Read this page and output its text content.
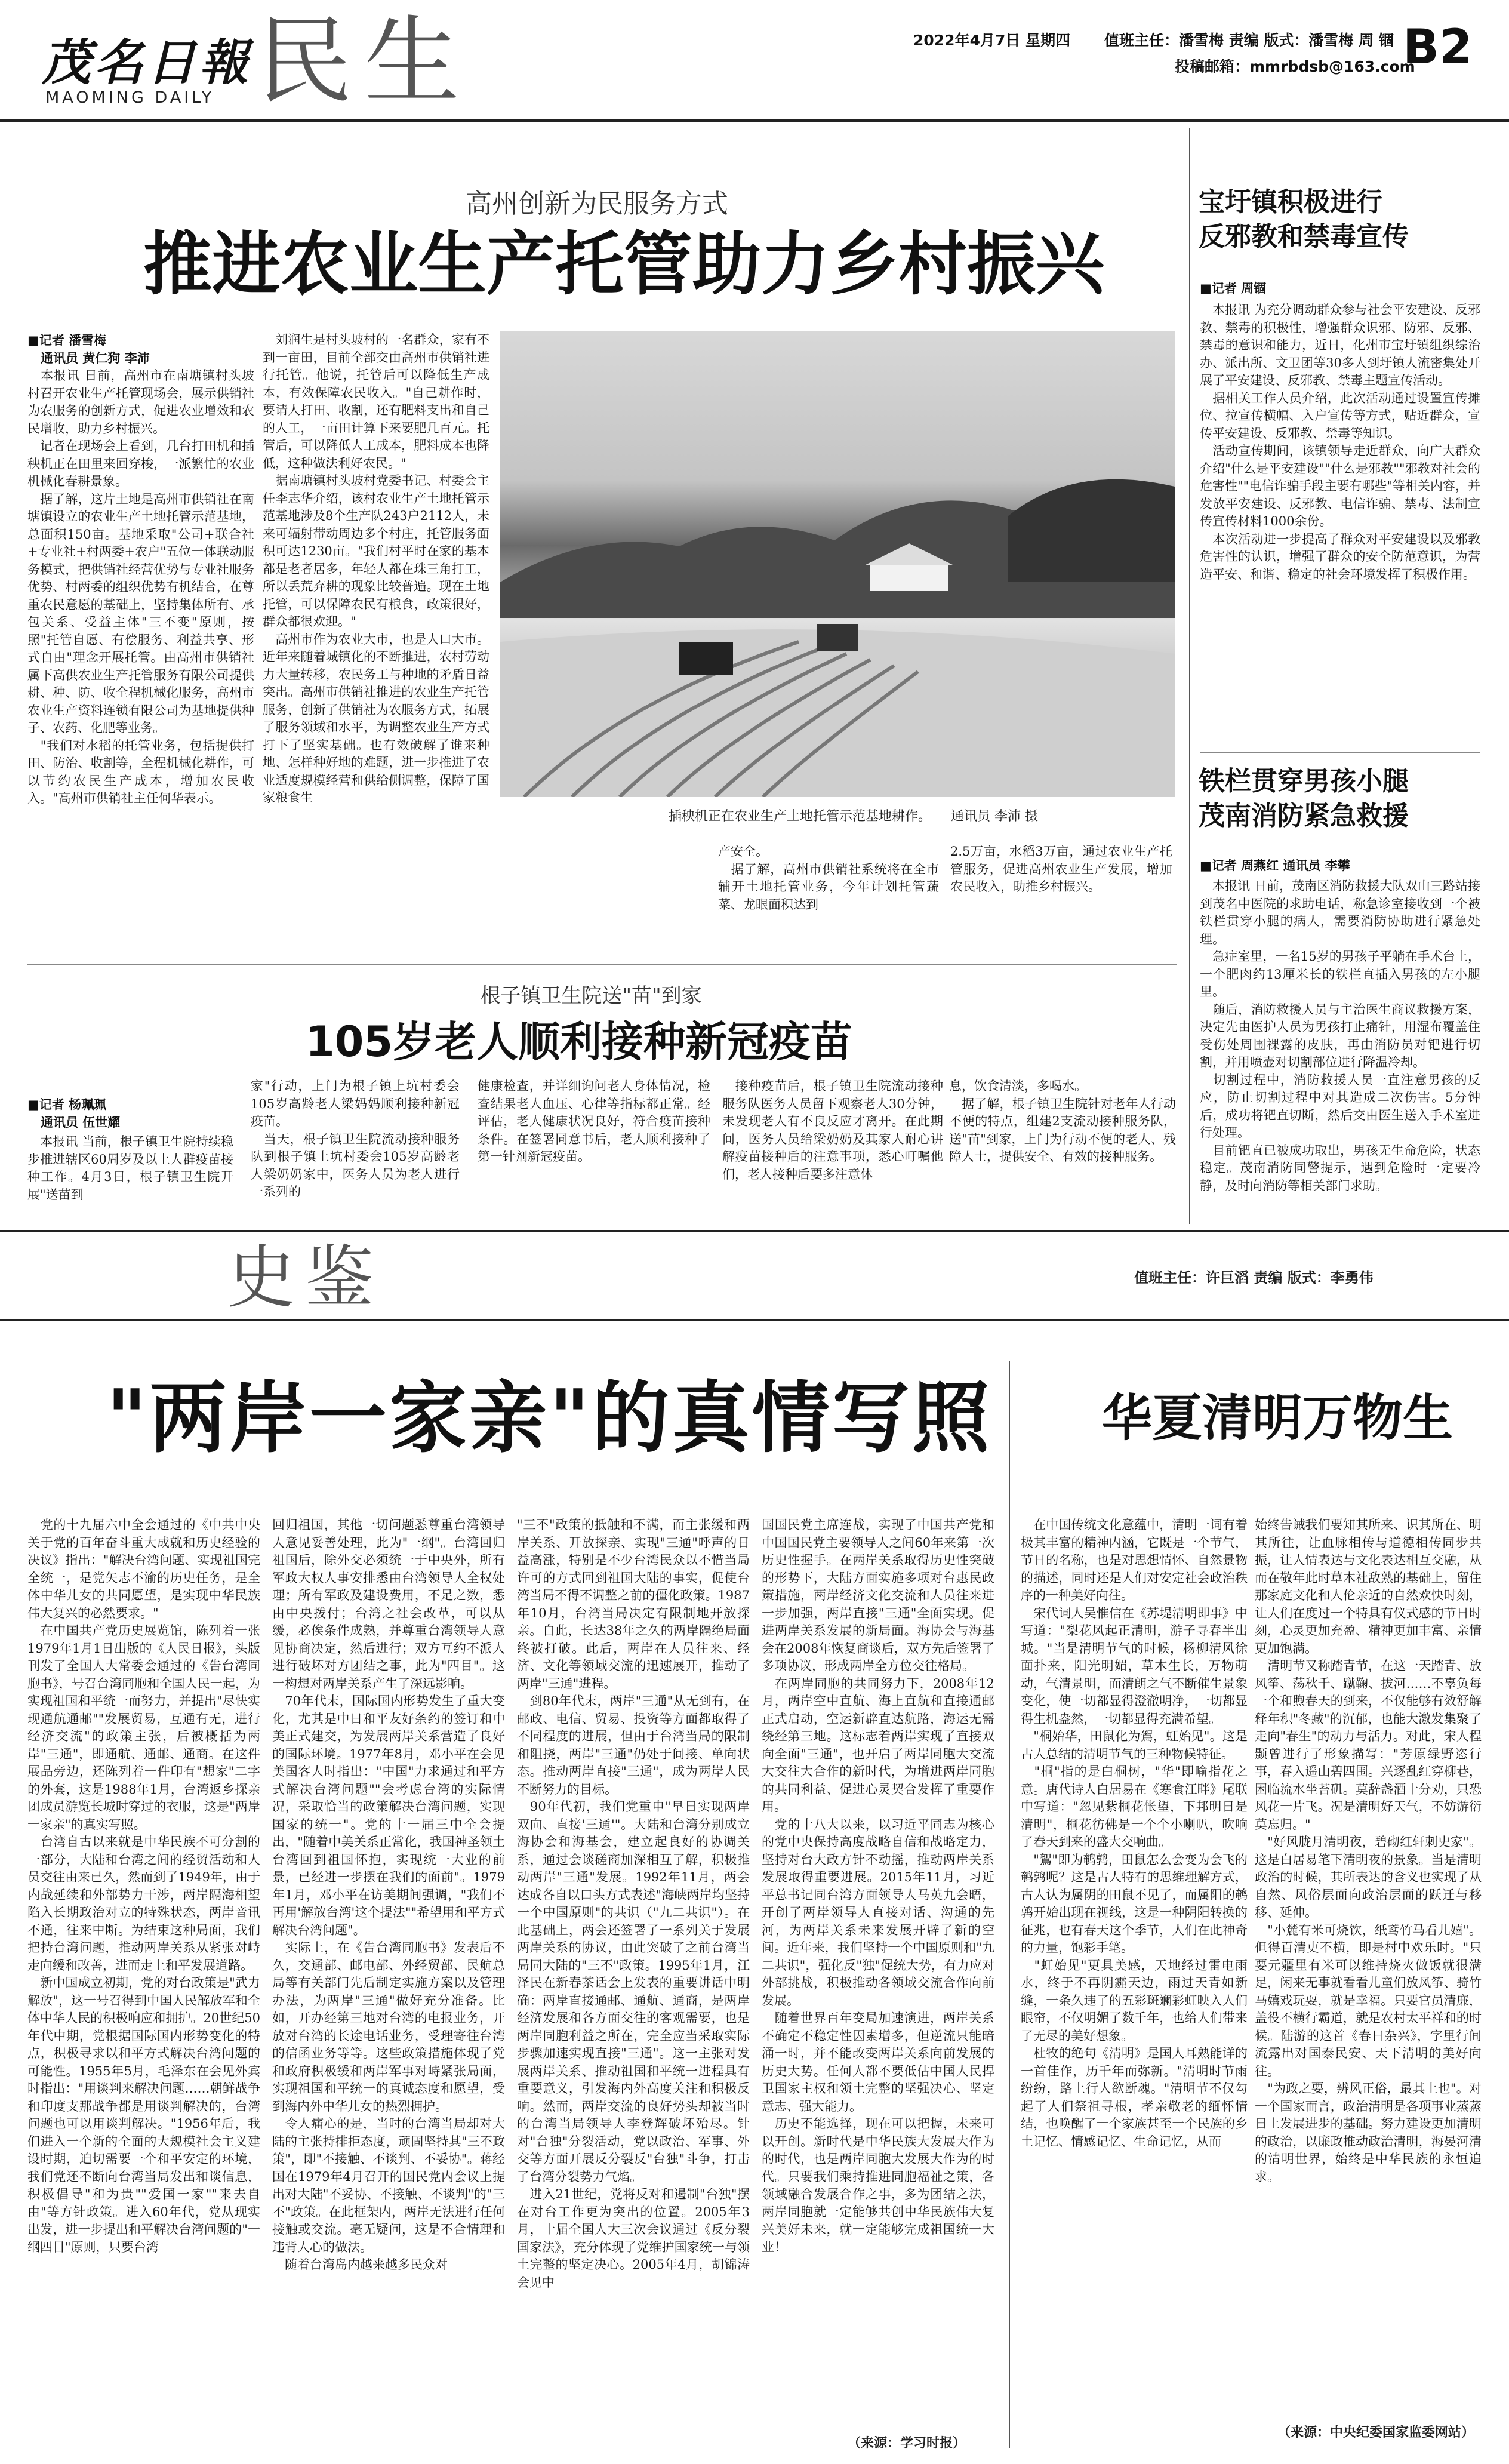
茂名日報
MAOMING DAILY 民生	2022年4月7日 星期四 值班主任：潘雪梅 责编 版式：潘雪梅 周 锢
投稿邮箱：mmrbdsb@163.com
B2
高州创新为民服务方式
推进农业生产托管助力乡村振兴
■记者 潘雪梅
通讯员 黄仁狗 李沛
　本报讯 日前，高州市在南塘镇村头坡村召开农业生产托管现场会，展示供销社为农服务的创新方式，促进农业增效和农民增收，助力乡村振兴。
　记者在现场会上看到，几台打田机和插秧机正在田里来回穿梭，一派繁忙的农业机械化春耕景象。
　据了解，这片土地是高州市供销社在南塘镇设立的农业生产土地托管示范基地，总面积150亩。基地采取"公司+联合社+专业社+村两委+农户"五位一体联动服务模式，把供销社经营优势与专业社服务优势、村两委的组织优势有机结合，在尊重农民意愿的基础上，坚持集体所有、承包关系、受益主体"三不变"原则，按照"托管自愿、有偿服务、利益共享、形式自由"理念开展托管。由高州市供销社属下高供农业生产托管服务有限公司提供耕、种、防、收全程机械化服务，高州市农业生产资料连锁有限公司为基地提供种子、农药、化肥等业务。
　"我们对水稻的托管业务，包括提供打田、防治、收割等，全程机械化耕作，可以节约农民生产成本，增加农民收入。"高州市供销社主任何华表示。
　刘润生是村头坡村的一名群众，家有不到一亩田，目前全部交由高州市供销社进行托管。他说，托管后可以降低生产成本，有效保障农民收入。"自己耕作时，要请人打田、收割，还有肥料支出和自己的人工，一亩田计算下来要肥几百元。托管后，可以降低人工成本，肥料成本也降低，这种做法利好农民。"
　据南塘镇村头坡村党委书记、村委会主任李志华介绍，该村农业生产土地托管示范基地涉及8个生产队243户2112人，未来可辐射带动周边多个村庄，托管服务面积可达1230亩。"我们村平时在家的基本都是老者居多，年轻人都在珠三角打工，所以丢荒弃耕的现象比较普遍。现在土地托管，可以保障农民有粮食，政策很好，群众都很欢迎。"
　高州市作为农业大市，也是人口大市。近年来随着城镇化的不断推进，农村劳动力大量转移，农民务工与种地的矛盾日益突出。高州市供销社推进的农业生产托管服务，创新了供销社为农服务方式，拓展了服务领域和水平，为调整农业生产方式打下了坚实基础。也有效破解了谁来种地、怎样种好地的难题，进一步推进了农业适度规模经营和供给侧调整，保障了国家粮食生
插秧机正在农业生产土地托管示范基地耕作。　　通讯员 李沛 摄
产安全。
　据了解，高州市供销社系统将在全市辅开土地托管业务，今年计划托管蔬菜、龙眼面积达到
2.5万亩，水稻3万亩，通过农业生产托管服务，促进高州农业生产发展，增加农民收入，助推乡村振兴。
根子镇卫生院送"苗"到家
105岁老人顺利接种新冠疫苗
■记者 杨珮珮
通讯员 伍世耀
　本报讯 当前，根子镇卫生院持续稳步推进辖区60周岁及以上人群疫苗接种工作。4月3日，根子镇卫生院开展"送苗到
家"行动，上门为根子镇上坑村委会105岁高龄老人梁妈妈顺利接种新冠疫苗。
　当天，根子镇卫生院流动接种服务队到根子镇上坑村委会105岁高龄老人梁奶奶家中，医务人员为老人进行一系列的
健康检查，并详细询问老人身体情况，检查结果老人血压、心律等指标都正常。经评估，老人健康状况良好，符合疫苗接种条件。在签署同意书后，老人顺利接种了第一针剂新冠疫苗。
　接种疫苗后，根子镇卫生院流动接种服务队医务人员留下观察老人30分钟，未发现老人有不良反应才离开。在此期间，医务人员给梁奶奶及其家人耐心讲解疫苗接种后的注意事项，悉心叮嘱他们，老人接种后要多注意休
息，饮食清淡，多喝水。
　据了解，根子镇卫生院针对老年人行动不便的特点，组建2支流动接种服务队，送"苗"到家，上门为行动不便的老人、残障人士，提供安全、有效的接种服务。
宝圩镇积极进行
反邪教和禁毒宣传
■记者 周锢
　本报讯 为充分调动群众参与社会平安建设、反邪教、禁毒的积极性，增强群众识邪、防邪、反邪、禁毒的意识和能力，近日，化州市宝圩镇组织综治办、派出所、文卫团等30多人到圩镇人流密集处开展了平安建设、反邪教、禁毒主题宣传活动。
　据相关工作人员介绍，此次活动通过设置宣传摊位、拉宣传横幅、入户宣传等方式，贴近群众，宣传平安建设、反邪教、禁毒等知识。
　活动宣传期间，该镇领导走近群众，向广大群众介绍"什么是平安建设""什么是邪教""邪教对社会的危害性""电信诈骗手段主要有哪些"等相关内容，并发放平安建设、反邪教、电信诈骗、禁毒、法制宣传宣传材料1000余份。
　本次活动进一步提高了群众对平安建设以及邪教危害性的认识，增强了群众的安全防范意识，为营造平安、和谐、稳定的社会环境发挥了积极作用。
铁栏贯穿男孩小腿
茂南消防紧急救援
■记者 周燕红 通讯员 李攀
　本报讯 日前，茂南区消防救援大队双山三路站接到茂名中医院的求助电话，称急诊室接收到一个被铁栏贯穿小腿的病人，需要消防协助进行紧急处理。
　急症室里，一名15岁的男孩子平躺在手术台上，一个肥肉约13厘米长的铁栏直插入男孩的左小腿里。
　随后，消防救援人员与主治医生商议救援方案，决定先由医护人员为男孩打止痛针，用湿布覆盖住受伤处周围裸露的皮肤，再由消防员对钯进行切割，并用喷壶对切割部位进行降温冷却。
　切割过程中，消防救援人员一直注意男孩的反应，防止切割过程中对其造成二次伤害。5分钟后，成功将钯直切断，然后交由医生送入手术室进行处理。
　目前钯直已被成功取出，男孩无生命危险，状态稳定。茂南消防同警提示，遇到危险时一定要冷静，及时向消防等相关部门求助。
史鉴	值班主任：许巨滔 责编 版式：李勇伟
"两岸一家亲"的真情写照	华夏清明万物生
　党的十九届六中全会通过的《中共中央关于党的百年奋斗重大成就和历史经验的决议》指出："解决台湾问题、实现祖国完全统一，是党矢志不渝的历史任务，是全体中华儿女的共同愿望，是实现中华民族伟大复兴的必然要求。"
　在中国共产党历史展览馆，陈列着一张1979年1月1日出版的《人民日报》，头版刊发了全国人大常委会通过的《告台湾同胞书》，号召台湾同胞和全国人民一起，为实现祖国和平统一而努力，并提出"尽快实现通航通邮""发展贸易，互通有无，进行经济交流"的政策主张，后被概括为两岸"三通"，即通航、通邮、通商。在这件展品旁边，还陈列着一件印有"想家"二字的外套，这是1988年1月，台湾返乡探亲团成员游览长城时穿过的衣服，这是"两岸一家亲"的真实写照。
　台湾自古以来就是中华民族不可分割的一部分，大陆和台湾之间的经贸活动和人员交往由来已久，然而到了1949年，由于内战延续和外部势力干涉，两岸隔海相望陷入长期政治对立的特殊状态，两岸音讯不通，往来中断。为结束这种局面，我们把持台湾问题，推动两岸关系从紧张对峙走向缓和改善，进而走上和平发展道路。
　新中国成立初期，党的对台政策是"武力解放"，这一号召得到中国人民解放军和全体中华人民的积极响应和拥护。20世纪50年代中期，党根据国际国内形势变化的特点，积极寻求以和平方式解决台湾问题的可能性。1955年5月，毛泽东在会见外宾时指出："用谈判来解决问题……朝鲜战争和印度支那战争都是用谈判解决的，台湾问题也可以用谈判解决。"1956年后，我们进入一个新的全面的大规模社会主义建设时期，迫切需要一个和平安定的环境，我们党还不断向台湾当局发出和谈信息，积极倡导"和为贵""爱国一家""来去自由"等方针政策。进入60年代，党从现实出发，进一步提出和平解决台湾问题的"一纲四目"原则，只要台湾
回归祖国，其他一切问题悉尊重台湾领导人意见妥善处理，此为"一纲"。台湾回归祖国后，除外交必须统一于中央外，所有军政大权人事安排悉由台湾领导人全权处理；所有军政及建设费用，不足之数，悉由中央拨付；台湾之社会改革，可以从缓，必俟条件成熟，并尊重台湾领导人意见协商决定，然后进行；双方互约不派人进行破坏对方团结之事，此为"四目"。这一构想对两岸关系产生了深远影响。
　70年代末，国际国内形势发生了重大变化，尤其是中日和平友好条约的签订和中美正式建交，为发展两岸关系营造了良好的国际环境。1977年8月，邓小平在会见美国客人时指出："中国"力求通过和平方式解决台湾问题""会考虑台湾的实际情况，采取恰当的政策解决台湾问题，实现国家的统一"。党的十一届三中全会提出，"随着中美关系正常化，我国神圣领土台湾回到祖国怀抱，实现统一大业的前景，已经进一步摆在我们的面前"。1979年1月，邓小平在访美期间强调，"我们不再用'解放台湾'这个提法""希望用和平方式解决台湾问题"。
　实际上，在《告台湾同胞书》发表后不久，交通部、邮电部、外经贸部、民航总局等有关部门先后制定实施方案以及管理办法，为两岸"三通"做好充分准备。比如，开办经第三地对台湾的电报业务，开放对台湾的长途电话业务，受理寄往台湾的信函业务等等。这些政策措施体现了党和政府积极缓和两岸军事对峙紧张局面，实现祖国和平统一的真诚态度和愿望，受到海内外中华儿女的热烈拥护。
　令人痛心的是，当时的台湾当局却对大陆的主张持排拒态度，顽固坚持其"三不政策"，即"不接触、不谈判、不妥协"。蒋经国在1979年4月召开的国民党内会议上提出对大陆"不妥协、不接触、不谈判"的"三不"政策。在此框架内，两岸无法进行任何接触或交流。毫无疑问，这是不合情理和违背人心的做法。
　随着台湾岛内越来越多民众对
"三不"政策的抵触和不满，而主张缓和两岸关系、开放探亲、实现"三通"呼声的日益高涨，特别是不少台湾民众以不惜当局许可的方式回到祖国大陆的事实，促使台湾当局不得不调整之前的僵化政策。1987年10月，台湾当局决定有限制地开放探亲。自此，长达38年之久的两岸隔绝局面终被打破。此后，两岸在人员往来、经济、文化等领域交流的迅速展开，推动了两岸"三通"进程。
　到80年代末，两岸"三通"从无到有，在邮政、电信、贸易、投资等方面都取得了不同程度的进展，但由于台湾当局的限制和阻挠，两岸"三通"仍处于间接、单向状态。推动两岸直接"三通"，成为两岸人民不断努力的目标。
　90年代初，我们党重申"早日实现两岸双向、直接'三通'"。大陆和台湾分别成立海协会和海基会，建立起良好的协调关系，通过会谈磋商加深相互了解，积极推动两岸"三通"发展。1992年11月，两会达成各自以口头方式表述"海峡两岸均坚持一个中国原则"的共识（"九二共识"）。在此基础上，两会还签署了一系列关于发展两岸关系的协议，由此突破了之前台湾当局同大陆的"三不"政策。1995年1月，江泽民在新春茶话会上发表的重要讲话中明确：两岸直接通邮、通航、通商，是两岸经济发展和各方面交往的客观需要，也是两岸同胞利益之所在，完全应当采取实际步骤加速实现直接"三通"。这一主张对发展两岸关系、推动祖国和平统一进程具有重要意义，引发海内外高度关注和积极反响。然而，两岸交流的良好势头却被当时的台湾当局领导人李登辉破坏殆尽。针对"台独"分裂活动，党以政治、军事、外交等方面开展反分裂反"台独"斗争，打击了台湾分裂势力气焰。
　进入21世纪，党将反对和遏制"台独"摆在对台工作更为突出的位置。2005年3月，十届全国人大三次会议通过《反分裂国家法》，充分体现了党维护国家统一与领土完整的坚定决心。2005年4月，胡锦涛会见中
国国民党主席连战，实现了中国共产党和中国国民党主要领导人之间60年来第一次历史性握手。在两岸关系取得历史性突破的形势下，大陆方面实施多项对台惠民政策措施，两岸经济文化交流和人员往来进一步加强，两岸直接"三通"全面实现。促进两岸关系发展的新局面。海协会与海基会在2008年恢复商谈后，双方先后签署了多项协议，形成两岸全方位交往格局。
　在两岸同胞的共同努力下，2008年12月，两岸空中直航、海上直航和直接通邮正式启动，空运新辟直达航路，海运无需绕经第三地。这标志着两岸实现了直接双向全面"三通"，也开启了两岸同胞大交流大交往大合作的新时代，为增进两岸同胞的共同利益、促进心灵契合发挥了重要作用。
　党的十八大以来，以习近平同志为核心的党中央保持高度战略自信和战略定力，坚持对台大政方针不动摇，推动两岸关系发展取得重要进展。2015年11月，习近平总书记同台湾方面领导人马英九会晤，开创了两岸领导人直接对话、沟通的先河，为两岸关系未来发展开辟了新的空间。近年来，我们坚持一个中国原则和"九二共识"，强化反"独"促统大势，有力应对外部挑战，积极推动各领域交流合作向前发展。
　随着世界百年变局加速演进，两岸关系不确定不稳定性因素增多，但逆流只能暗涌一时，并不能改变两岸关系向前发展的历史大势。任何人都不要低估中国人民捍卫国家主权和领土完整的坚强决心、坚定意志、强大能力。
　历史不能选择，现在可以把握，未来可以开创。新时代是中华民族大发展大作为的时代，也是两岸同胞大发展大作为的时代。只要我们乘持推进同胞福祉之策，各领域融合发展合作之事，多为团结之法，两岸同胞就一定能够共创中华民族伟大复兴美好未来，就一定能够完成祖国统一大业！
（来源：学习时报）
　在中国传统文化意蕴中，清明一词有着极其丰富的精神内涵，它既是一个节气，节日的名称，也是对思想情怀、自然景物的描述，同时还是人们对安定社会政治秩序的一种美好向往。
　宋代词人吴惟信在《苏堤清明即事》中写道："梨花风起正清明，游子寻春半出城。"当是清明节气的时候，杨柳清风徐面扑来，阳光明媚，草木生长，万物萌动，气清景明，而清朗之气不断催生景象变化，使一切都显得澄澈明净，一切都显得生机盎然，一切都显得充满希望。
　"桐始华，田鼠化为鴽，虹始见"。这是古人总结的清明节气的三种物候特征。
　"桐"指的是白桐树，"华"即喻指花之意。唐代诗人白居易在《寒食江畔》尾联中写道："忽见紫桐花怅望，下邦明日是清明"，桐花彷佛是一个个小喇叭，吹响了春天到来的盛大交响曲。
　"鴽"即为鹌鹑，田鼠怎么会变为会飞的鹌鹑呢？这是古人特有的思维理解方式，古人认为属阴的田鼠不见了，而属阳的鹌鹑开始出现在视线，这是一种阴阳转换的征兆，也有春天这个季节，人们在此神奇的力量，饱彩手笔。
　"虹始见"更具美感，天地经过雷电雨水，终于不再阴霾天边，雨过天青如新缝，一条久违了的五彩斑斓彩虹映入人们眼帘，不仅明媚了数千年，也给人们带来了无尽的美好想象。
　杜牧的绝句《清明》是国人耳熟能详的一首佳作，历千年而弥新。"清明时节雨纷纷，路上行人欲断魂。"清明节不仅勾起了人们祭祖寻根，孝亲敬老的缅怀情结，也唤醒了一个家族甚至一个民族的乡土记忆、情感记忆、生命记忆，从而
始终告诫我们要知其所来、识其所在、明其所往，让血脉相传与道德相传同步共振，让人情表达与文化表达相互交融，从而在敬年此时草木社敌熟的基础上，留住那家庭文化和人伦亲近的自然欢快时刻，让人们在度过一个特具有仪式感的节日时刻，心灵更加充盈、精神更加丰富、亲情更加饱满。
　清明节又称踏青节，在这一天踏青、放风筝、荡秋千、蹴鞠、拔河……不辜负每一个和煦春天的到来，不仅能够有效舒解释年积"冬藏"的沉郁，也能大激发集聚了走向"春生"的动力与活力。对此，宋人程颢曾进行了形象描写："芳原绿野恣行事，春入遥山碧四围。兴逐乱红穿柳巷，困临流水坐苔矶。莫辞盏酒十分劝，只恐风花一片飞。况是清明好天气，不妨游衍莫忘归。"
　"好风胧月清明夜，碧砌红轩刺史家"。这是白居易笔下清明夜的景象。当是清明政治的时候，其所表达的含义也实现了从自然、风俗层面向政治层面的跃迁与移移、延伸。
　"小麓有米可烧饮，纸鸢竹马看儿嬉"。但得百清吏不横，即是村中欢乐时。"只要元疆里有米可以维持烧火做饭就很满足，闲来无事就看看儿童们放风筝、骑竹马嬉戏玩耍，就是幸福。只要官员清廉，盖役不横行霸道，就是农村太平祥和的时候。陆游的这首《春日杂兴》，字里行间流露出对国泰民安、天下清明的美好向往。
　"为政之要，辨风正俗，最其上也"。对一个国家而言，政治清明是各项事业蒸蒸日上发展进步的基础。努力建设更加清明的政治，以廉政推动政治清明，海晏河清的清明世界，始终是中华民族的永恒追求。
（来源：中央纪委国家监委网站）
